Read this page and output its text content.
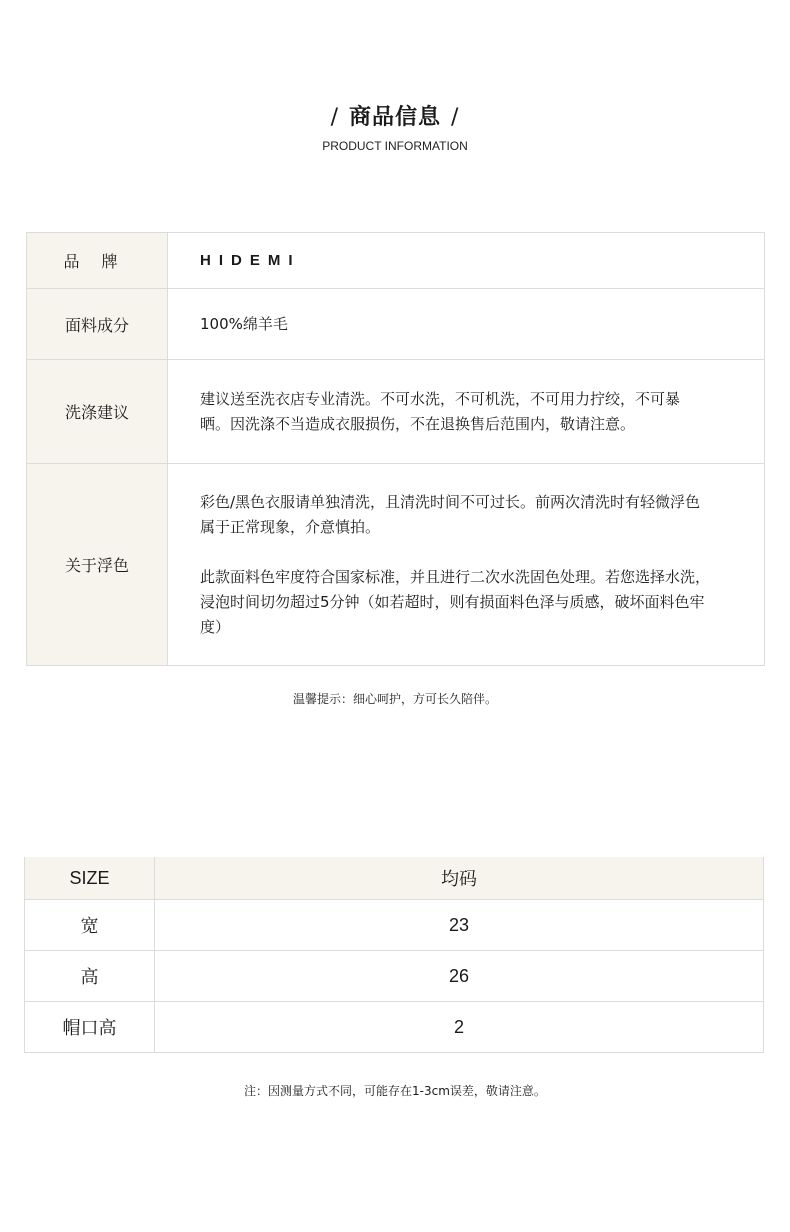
/ 商品信息 /
PRODUCT INFORMATION
品牌	HIDEMI
面料成分	100%绵羊毛
洗涤建议	建议送至洗衣店专业清洗。不可水洗，不可机洗，不可用力拧绞，不可暴
晒。因洗涤不当造成衣服损伤，不在退换售后范围内，敬请注意。

关于浮色	彩色/黑色衣服请单独清洗，且清洗时间不可过长。前两次清洗时有轻微浮色
属于正常现象，介意慎拍。

此款面料色牢度符合国家标准，并且进行二次水洗固色处理。若您选择水洗，
浸泡时间切勿超过5分钟（如若超时，则有损面料色泽与质感，破坏面料色牢
度）

温馨提示：细心呵护，方可长久陪伴。
SIZE	均码
宽	23
高	26
帽口高	2
注：因测量方式不同，可能存在1-3cm误差，敬请注意。
